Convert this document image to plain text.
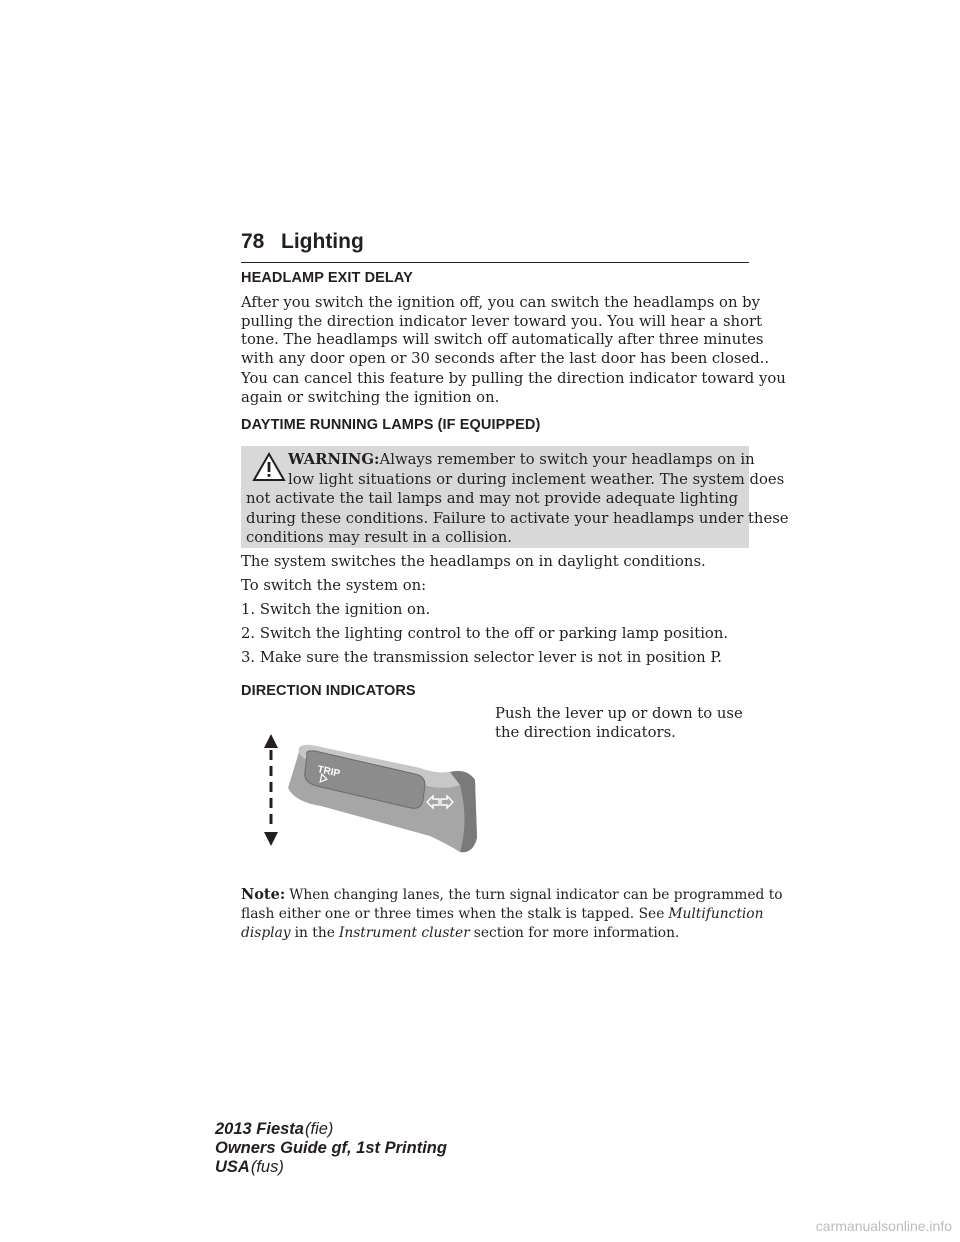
78 Lighting
HEADLAMP EXIT DELAY
After you switch the ignition off, you can switch the headlamps on by
pulling the direction indicator lever toward you. You will hear a short
tone. The headlamps will switch off automatically after three minutes
with any door open or 30 seconds after the last door has been closed..
You can cancel this feature by pulling the direction indicator toward you
again or switching the ignition on.
DAYTIME RUNNING LAMPS (IF EQUIPPED)
WARNING:Always remember to switch your headlamps on in
low light situations or during inclement weather. The system does
not activate the tail lamps and may not provide adequate lighting
during these conditions. Failure to activate your headlamps under these
conditions may result in a collision.
The system switches the headlamps on in daylight conditions.
To switch the system on:
1. Switch the ignition on.
2. Switch the lighting control to the off or parking lamp position.
3. Make sure the transmission selector lever is not in position P.
DIRECTION INDICATORS
Push the lever up or down to use
the direction indicators.
TRIP
Note: When changing lanes, the turn signal indicator can be programmed to
flash either one or three times when the stalk is tapped. See Multifunction
display in the Instrument cluster section for more information.
2013 Fiesta(fie)
Owners Guide gf, 1st Printing
USA(fus)
carmanualsonline.info
